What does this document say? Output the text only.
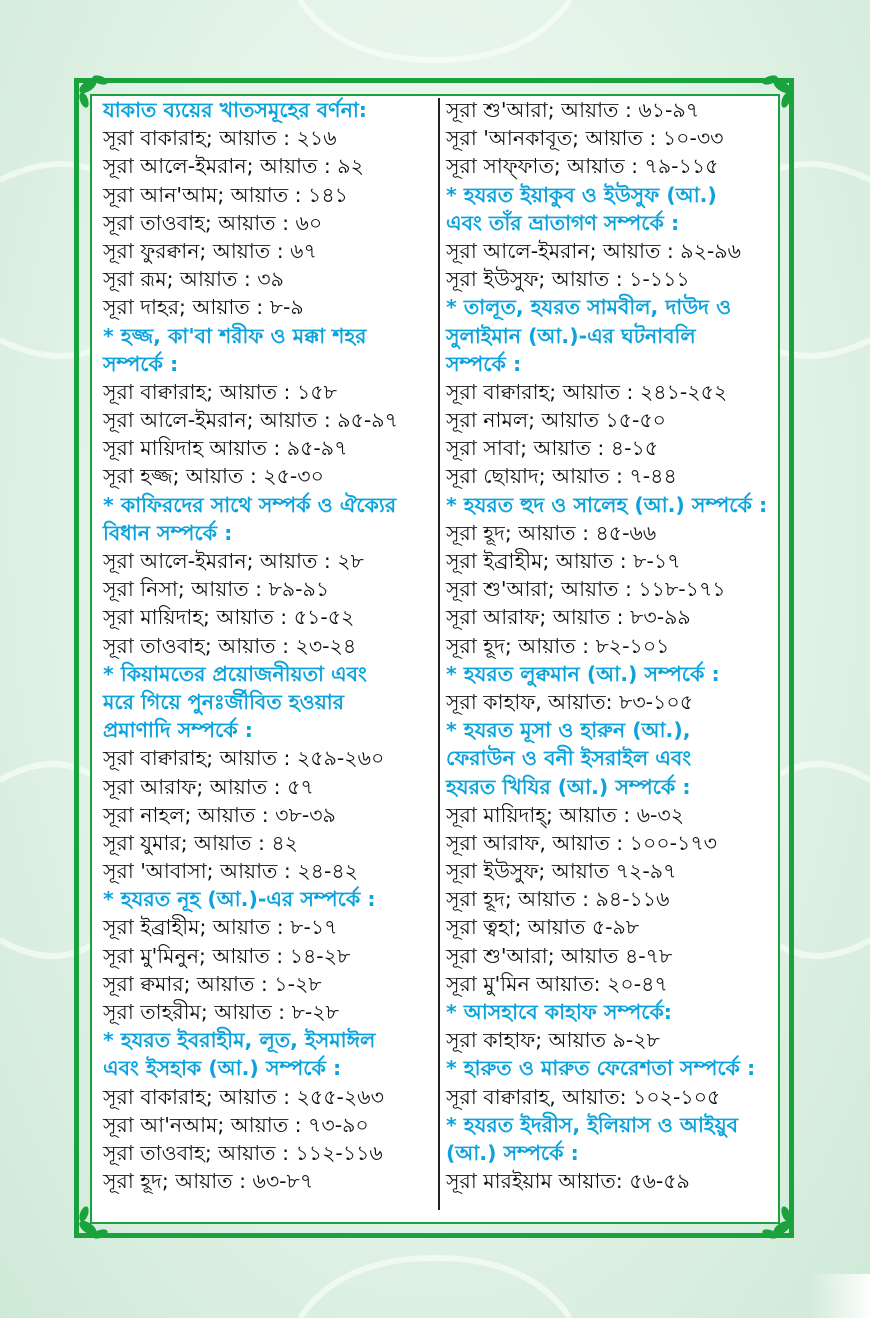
যাকাত ব্যয়ের খাতসমূহের বর্ণনা:
সূরা বাকারাহ; আয়াত : ২১৬
সূরা আলে-ইমরান; আয়াত : ৯২
সূরা আন'আম; আয়াত : ১৪১
সূরা তাওবাহ; আয়াত : ৬০
সূরা ফুরক্বান; আয়াত : ৬৭
সূরা রূম; আয়াত : ৩৯
সূরা দাহর; আয়াত : ৮-৯
* হজ্জ, কা'বা শরীফ ও মক্কা শহর
সম্পর্কে :
সূরা বাক্বারাহ; আয়াত : ১৫৮
সূরা আলে-ইমরান; আয়াত : ৯৫-৯৭
সূরা মায়িদাহ আয়াত : ৯৫-৯৭
সূরা হজ্জ; আয়াত : ২৫-৩০
* কাফিরদের সাথে সম্পর্ক ও ঐক্যের
বিধান সম্পর্কে :
সূরা আলে-ইমরান; আয়াত : ২৮
সূরা নিসা; আয়াত : ৮৯-৯১
সূরা মায়িদাহ; আয়াত : ৫১-৫২
সূরা তাওবাহ; আয়াত : ২৩-২৪
* কিয়ামতের প্রয়োজনীয়তা এবং
মরে গিয়ে পুনঃর্জীবিত হওয়ার
প্রমাণাদি সম্পর্কে :
সূরা বাক্বারাহ; আয়াত : ২৫৯-২৬০
সূরা আরাফ; আয়াত : ৫৭
সূরা নাহল; আয়াত : ৩৮-৩৯
সূরা যুমার; আয়াত : ৪২
সূরা 'আবাসা; আয়াত : ২৪-৪২
* হযরত নূহ (আ.)-এর সম্পর্কে :
সূরা ইব্রাহীম; আয়াত : ৮-১৭
সূরা মু'মিনুন; আয়াত : ১৪-২৮
সূরা ক্বমার; আয়াত : ১-২৮
সূরা তাহরীম; আয়াত : ৮-২৮
* হযরত ইবরাহীম, লূত, ইসমাঈল
এবং ইসহাক (আ.) সম্পর্কে :
সূরা বাকারাহ; আয়াত : ২৫৫-২৬৩
সূরা আ'নআম; আয়াত : ৭৩-৯০
সূরা তাওবাহ; আয়াত : ১১২-১১৬
সূরা হূদ; আয়াত : ৬৩-৮৭
সূরা শু'আরা; আয়াত : ৬১-৯৭
সূরা 'আনকাবূত; আয়াত : ১০-৩৩
সূরা সাফ্ফাত; আয়াত : ৭৯-১১৫
* হযরত ইয়াকুব ও ইউসুফ (আ.)
এবং তাঁর ভ্রাতাগণ সম্পর্কে :
সূরা আলে-ইমরান; আয়াত : ৯২-৯৬
সূরা ইউসুফ; আয়াত : ১-১১১
* তালূত, হযরত সামবীল, দাউদ ও
সুলাইমান (আ.)-এর ঘটনাবলি
সম্পর্কে :
সূরা বাক্বারাহ; আয়াত : ২৪১-২৫২
সূরা নামল; আয়াত ১৫-৫০
সূরা সাবা; আয়াত : ৪-১৫
সূরা ছোয়াদ; আয়াত : ৭-৪৪
* হযরত হুদ ও সালেহ (আ.) সম্পর্কে :
সূরা হূদ; আয়াত : ৪৫-৬৬
সূরা ইব্রাহীম; আয়াত : ৮-১৭
সূরা শু'আরা; আয়াত : ১১৮-১৭১
সূরা আরাফ; আয়াত : ৮৩-৯৯
সূরা হূদ; আয়াত : ৮২-১০১
* হযরত লুক্বমান (আ.) সম্পর্কে :
সূরা কাহাফ, আয়াত: ৮৩-১০৫
* হযরত মূসা ও হারুন (আ.),
ফেরাউন ও বনী ইসরাইল এবং
হযরত খিযির (আ.) সম্পর্কে :
সূরা মায়িদাহ্; আয়াত : ৬-৩২
সূরা আরাফ, আয়াত : ১০০-১৭৩
সূরা ইউসুফ; আয়াত ৭২-৯৭
সূরা হূদ; আয়াত : ৯৪-১১৬
সূরা ত্বহা; আয়াত ৫-৯৮
সূরা শু'আরা; আয়াত ৪-৭৮
সূরা মু'মিন আয়াত: ২০-৪৭
* আসহাবে কাহাফ সম্পর্কে:
সূরা কাহাফ; আয়াত ৯-২৮
* হারুত ও মারুত ফেরেশতা সম্পর্কে :
সূরা বাক্বারাহ, আয়াত: ১০২-১০৫
* হযরত ইদরীস, ইলিয়াস ও আইয়ুব
(আ.) সম্পর্কে :
সূরা মারইয়াম আয়াত: ৫৬-৫৯
